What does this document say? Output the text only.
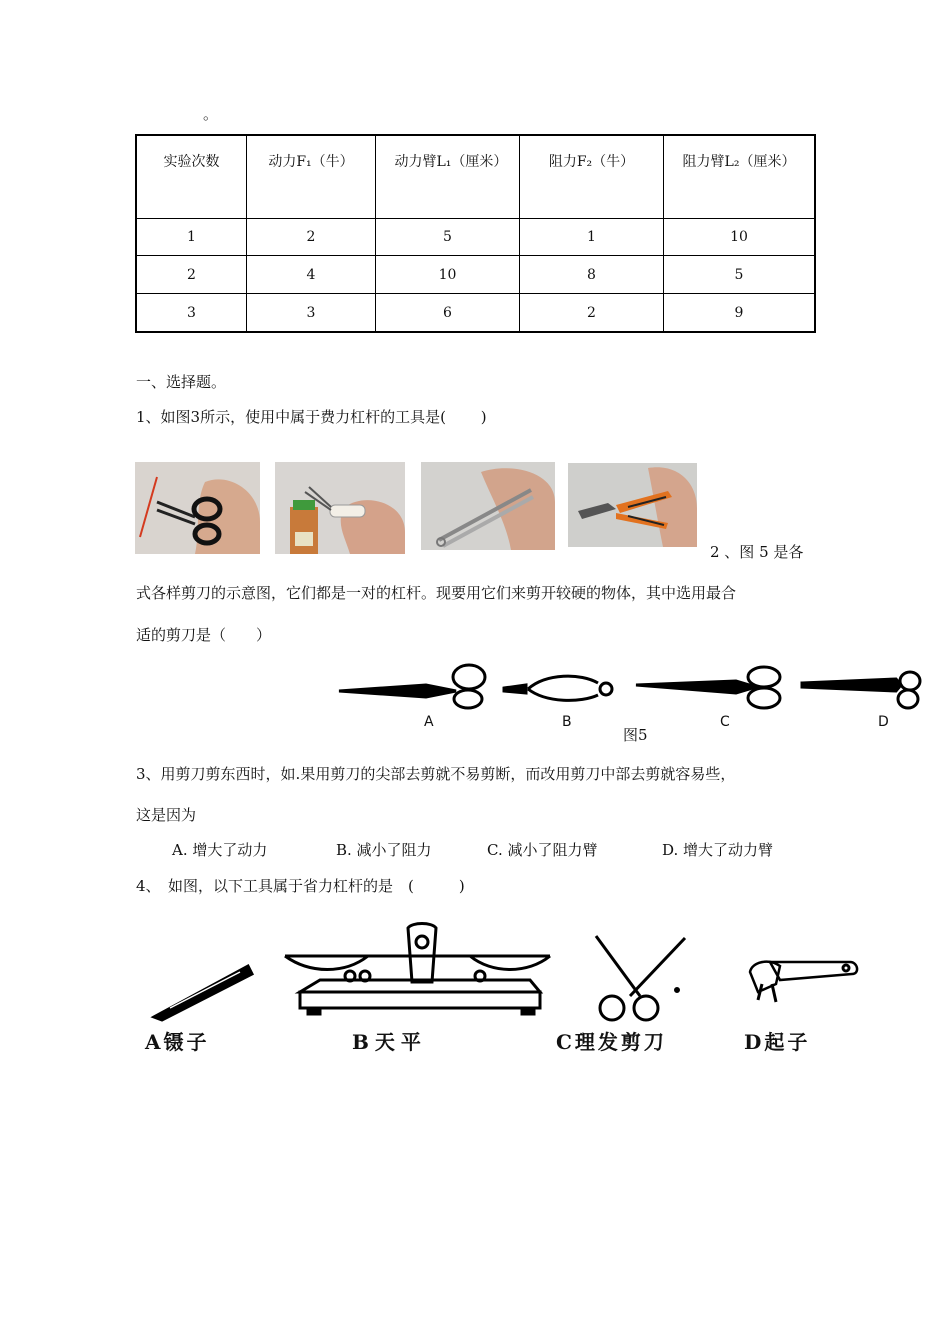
。
实验次数	动力F₁（牛）	动力臂L₁（厘米）	阻力F₂（牛）	阻力臂L₂（厘米）
1	2	5	1	10
2	4	10	8	5
3	3	6	2	9
一、选择题。
1、如图3所示，使用中属于费力杠杆的工具是(　　 )
2 、图 5 是各
式各样剪刀的示意图，它们都是一对的杠杆。现要用它们来剪开较硬的物体，其中选用最合
适的剪刀是（　　）
A	B	C	D
图5
3、用剪刀剪东西时，如.果用剪刀的尖部去剪就不易剪断，而改用剪刀中部去剪就容易些，
这是因为
A. 增大了动力	B. 减小了阻力	C. 减小了阻力臂	D. 增大了动力臂
4、　如图，以下工具属于省力杠杆的是　(　　　)
A镊子	B天平	C理发剪刀	D起子
